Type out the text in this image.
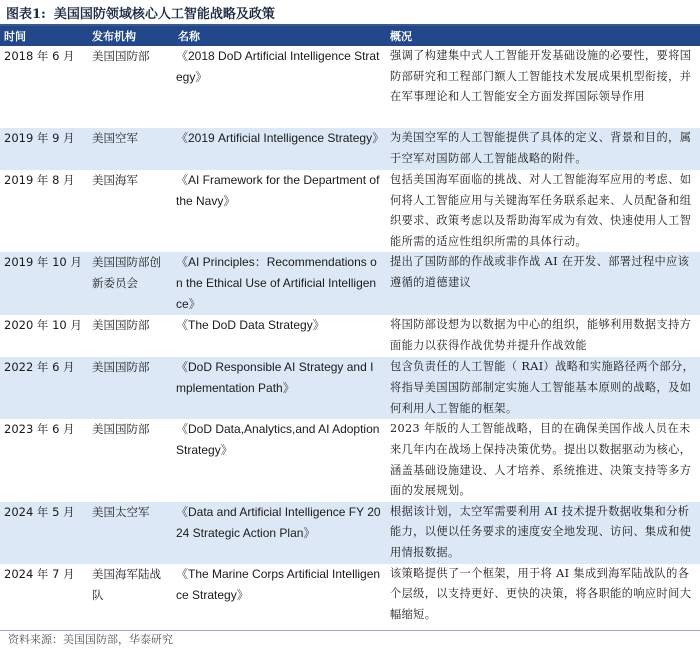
图表1: 美国国防领域核心人工智能战略及政策
时间	发布机构	名称	概况
2018 年 6 月	美国国防部	《2018 DoD Artificial Intelligence Strategy》	强调了构建集中式人工智能开发基础设施的必要性，要将国防部研究和工程部门额人工智能技术发展成果机型衔接，并在军事理论和人工智能安全方面发挥国际领导作用
2019 年 9 月	美国空军	《2019 Artificial Intelligence Strategy》	为美国空军的人工智能提供了具体的定义、背景和目的，属于空军对国防部人工智能战略的附件。
2019 年 8 月	美国海军	《AI Framework for the Department of the Navy》	包括美国海军面临的挑战、对人工智能海军应用的考虑、如何将人工智能应用与关键海军任务联系起来、人员配备和组织要求、政策考虑以及帮助海军成为有效、快速使用人工智能所需的适应性组织所需的具体行动。
2019 年 10 月	美国国防部创新委员会	《AI Principles：Recommendations on the Ethical Use of Artificial Intelligence》	提出了国防部的作战或非作战 AI 在开发、部署过程中应该遵循的道德建议
2020 年 10 月	美国国防部	《The DoD Data Strategy》	将国防部设想为以数据为中心的组织，能够利用数据支持方面能力以获得作战优势并提升作战效能
2022 年 6 月	美国国防部	《DoD Responsible AI Strategy and Implementation Path》	包含负责任的人工智能（ RAI）战略和实施路径两个部分，将指导美国国防部制定实施人工智能基本原则的战略，及如何利用人工智能的框架。
2023 年 6 月	美国国防部	《DoD Data,Analytics,and AI Adoption Strategy》	2023 年版的人工智能战略，目的在确保美国作战人员在未来几年内在战场上保持决策优势。提出以数据驱动为核心，涵盖基础设施建设、人才培养、系统推进、决策支持等多方面的发展规划。
2024 年 5 月	美国太空军	《Data and Artificial Intelligence FY 2024 Strategic Action Plan》	根据该计划，太空军需要利用 AI 技术提升数据收集和分析能力，以便以任务要求的速度安全地发现、访问、集成和使用情报数据。
2024 年 7 月	美国海军陆战队	《The Marine Corps Artificial Intelligence Strategy》	该策略提供了一个框架，用于将 AI 集成到海军陆战队的各个层级，以支持更好、更快的决策，将各职能的响应时间大幅缩短。
资料来源：美国国防部，华泰研究
